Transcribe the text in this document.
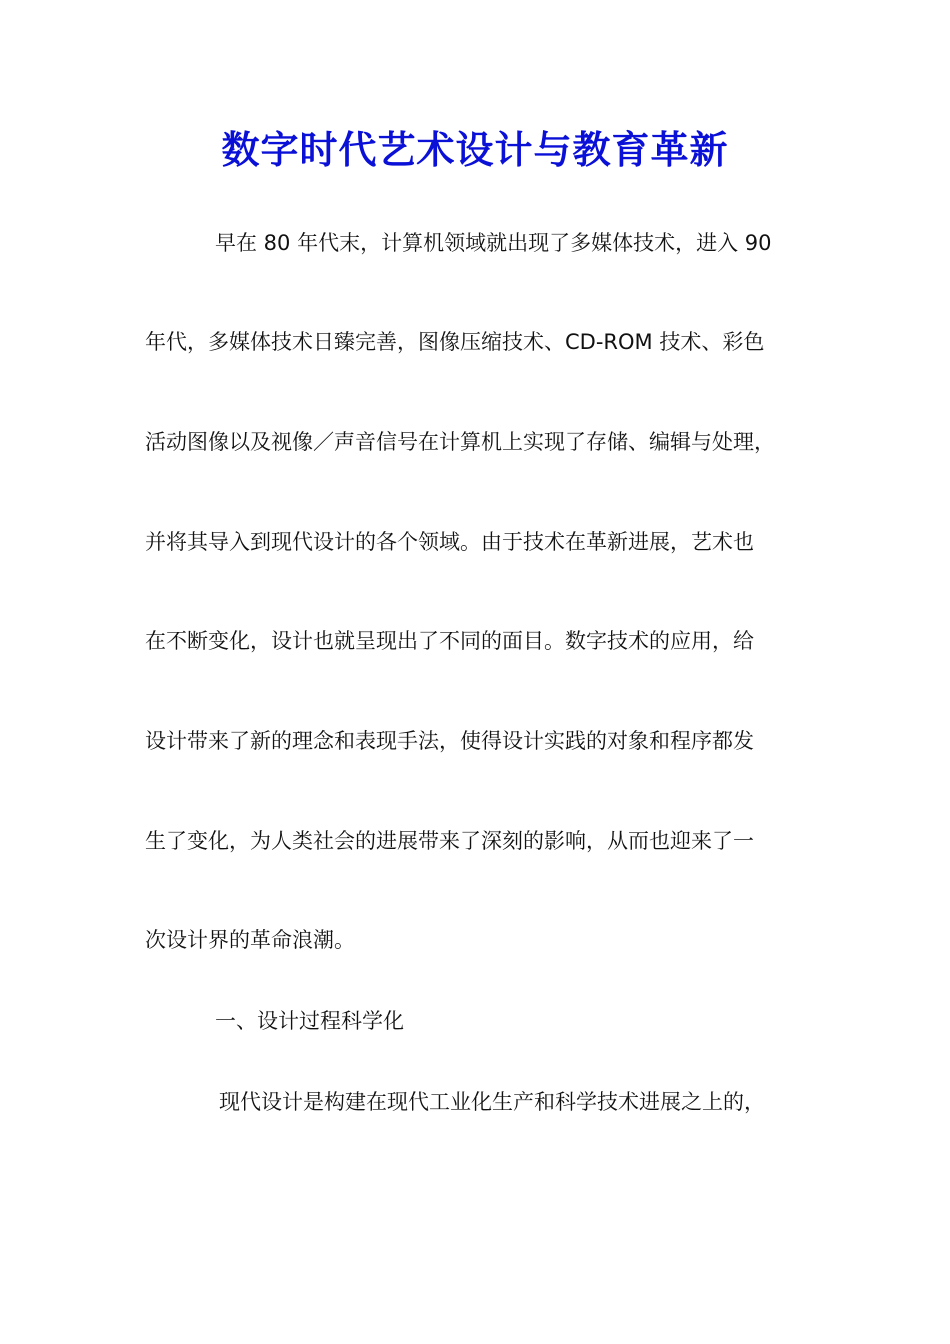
数字时代艺术设计与教育革新

早在 80 年代末，计算机领域就出现了多媒体技术，进入 90

年代，多媒体技术日臻完善，图像压缩技术、CD-ROM 技术、彩色

活动图像以及视像／声音信号在计算机上实现了存储、编辑与处理，

并将其导入到现代设计的各个领域。由于技术在革新进展，艺术也

在不断变化，设计也就呈现出了不同的面目。数字技术的应用，给

设计带来了新的理念和表现手法，使得设计实践的对象和程序都发

生了变化，为人类社会的进展带来了深刻的影响，从而也迎来了一

次设计界的革命浪潮。

一、设计过程科学化

现代设计是构建在现代工业化生产和科学技术进展之上的，
